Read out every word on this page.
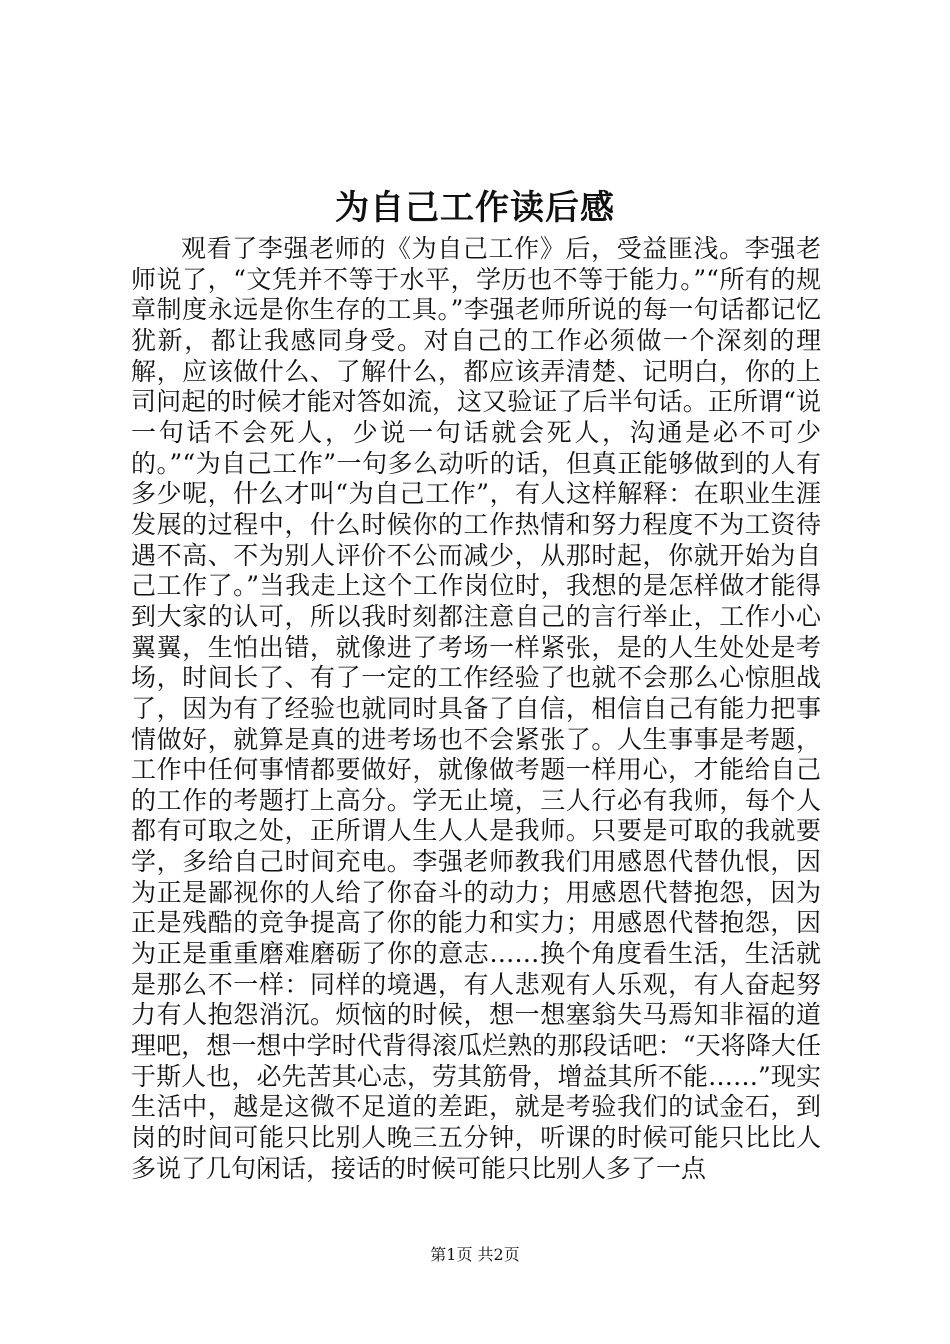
为自己工作读后感

观看了李强老师的《为自己工作》后，受益匪浅。李强老师说了，“文凭并不等于水平，学历也不等于能力。”“所有的规章制度永远是你生存的工具。”李强老师所说的每一句话都记忆犹新，都让我感同身受。对自己的工作必须做一个深刻的理解，应该做什么、了解什么，都应该弄清楚、记明白，你的上司问起的时候才能对答如流，这又验证了后半句话。正所谓“说一句话不会死人，少说一句话就会死人，沟通是必不可少的。”“为自己工作”一句多么动听的话，但真正能够做到的人有多少呢，什么才叫“为自己工作”，有人这样解释：在职业生涯发展的过程中，什么时候你的工作热情和努力程度不为工资待遇不高、不为别人评价不公而减少，从那时起，你就开始为自己工作了。”当我走上这个工作岗位时，我想的是怎样做才能得到大家的认可，所以我时刻都注意自己的言行举止，工作小心翼翼，生怕出错，就像进了考场一样紧张，是的人生处处是考场，时间长了、有了一定的工作经验了也就不会那么心惊胆战了，因为有了经验也就同时具备了自信，相信自己有能力把事情做好，就算是真的进考场也不会紧张了。人生事事是考题，工作中任何事情都要做好，就像做考题一样用心，才能给自己的工作的考题打上高分。学无止境，三人行必有我师，每个人都有可取之处，正所谓人生人人是我师。只要是可取的我就要学，多给自己时间充电。李强老师教我们用感恩代替仇恨，因为正是鄙视你的人给了你奋斗的动力；用感恩代替抱怨，因为正是残酷的竞争提高了你的能力和实力；用感恩代替抱怨，因为正是重重磨难磨砺了你的意志……换个角度看生活，生活就是那么不一样：同样的境遇，有人悲观有人乐观，有人奋起努力有人抱怨消沉。烦恼的时候，想一想塞翁失马焉知非福的道理吧，想一想中学时代背得滚瓜烂熟的那段话吧：“天将降大任于斯人也，必先苦其心志，劳其筋骨，增益其所不能……”现实生活中，越是这微不足道的差距，就是考验我们的试金石，到岗的时间可能只比别人晚三五分钟，听课的时候可能只比比人多说了几句闲话，接话的时候可能只比别人多了一点

第1页 共2页
